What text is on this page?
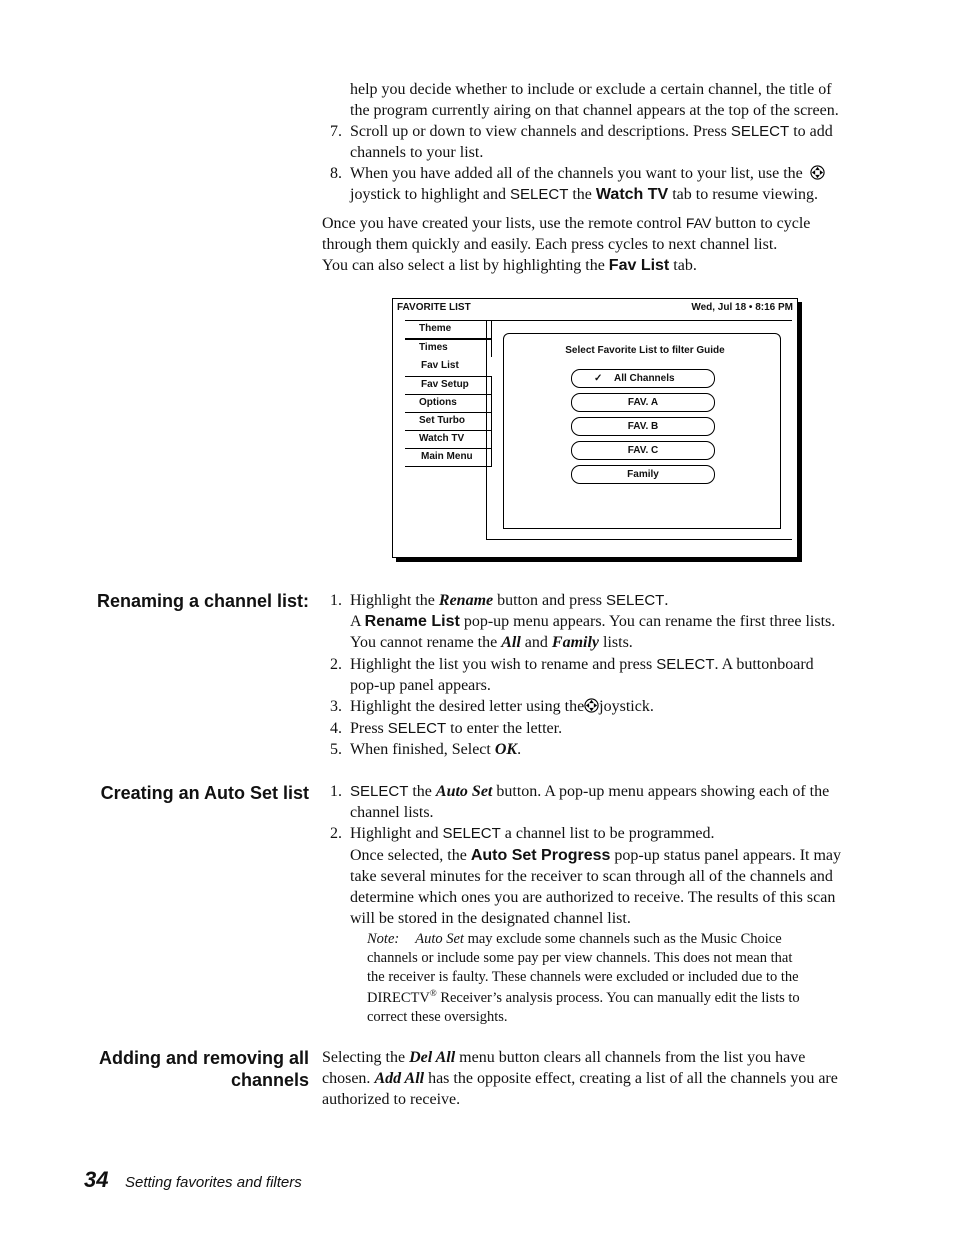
help you decide whether to include or exclude a certain channel, the title of
the program currently airing on that channel appears at the top of the screen.
7. Scroll up or down to view channels and descriptions. Press SELECT to add
channels to your list.
8. When you have added all of the channels you want to your list, use the
joystick to highlight and SELECT the Watch TV tab to resume viewing.
Once you have created your lists, use the remote control FAV button to cycle
through them quickly and easily. Each press cycles to next channel list.
You can also select a list by highlighting the Fav List tab.
FAVORITE LIST	Wed, Jul 18 • 8:16 PM
Theme
Times
Fav List
Fav Setup
Options
Set Turbo
Watch TV
Main Menu
Select Favorite List to filter Guide
✓ All Channels
FAV. A
FAV. B
FAV. C
Family
Renaming a channel list:	1. Highlight the Rename button and press SELECT.
A Rename List pop-up menu appears. You can rename the first three lists.
You cannot rename the All and Family lists.
2. Highlight the list you wish to rename and press SELECT. A buttonboard
pop-up panel appears.
3. Highlight the desired letter using the joystick.
4. Press SELECT to enter the letter.
5. When finished, Select OK.
Creating an Auto Set list	1. SELECT the Auto Set button. A pop-up menu appears showing each of the
channel lists.
2. Highlight and SELECT a channel list to be programmed.
Once selected, the Auto Set Progress pop-up status panel appears. It may
take several minutes for the receiver to scan through all of the channels and
determine which ones you are authorized to receive. The results of this scan
will be stored in the designated channel list.
Note: Auto Set may exclude some channels such as the Music Choice
channels or include some pay per view channels. This does not mean that
the receiver is faulty. These channels were excluded or included due to the
DIRECTV® Receiver’s analysis process. You can manually edit the lists to
correct these oversights.
Adding and removing all
channels
Selecting the Del All menu button clears all channels from the list you have
chosen. Add All has the opposite effect, creating a list of all the channels you are
authorized to receive.
34 Setting favorites and filters
